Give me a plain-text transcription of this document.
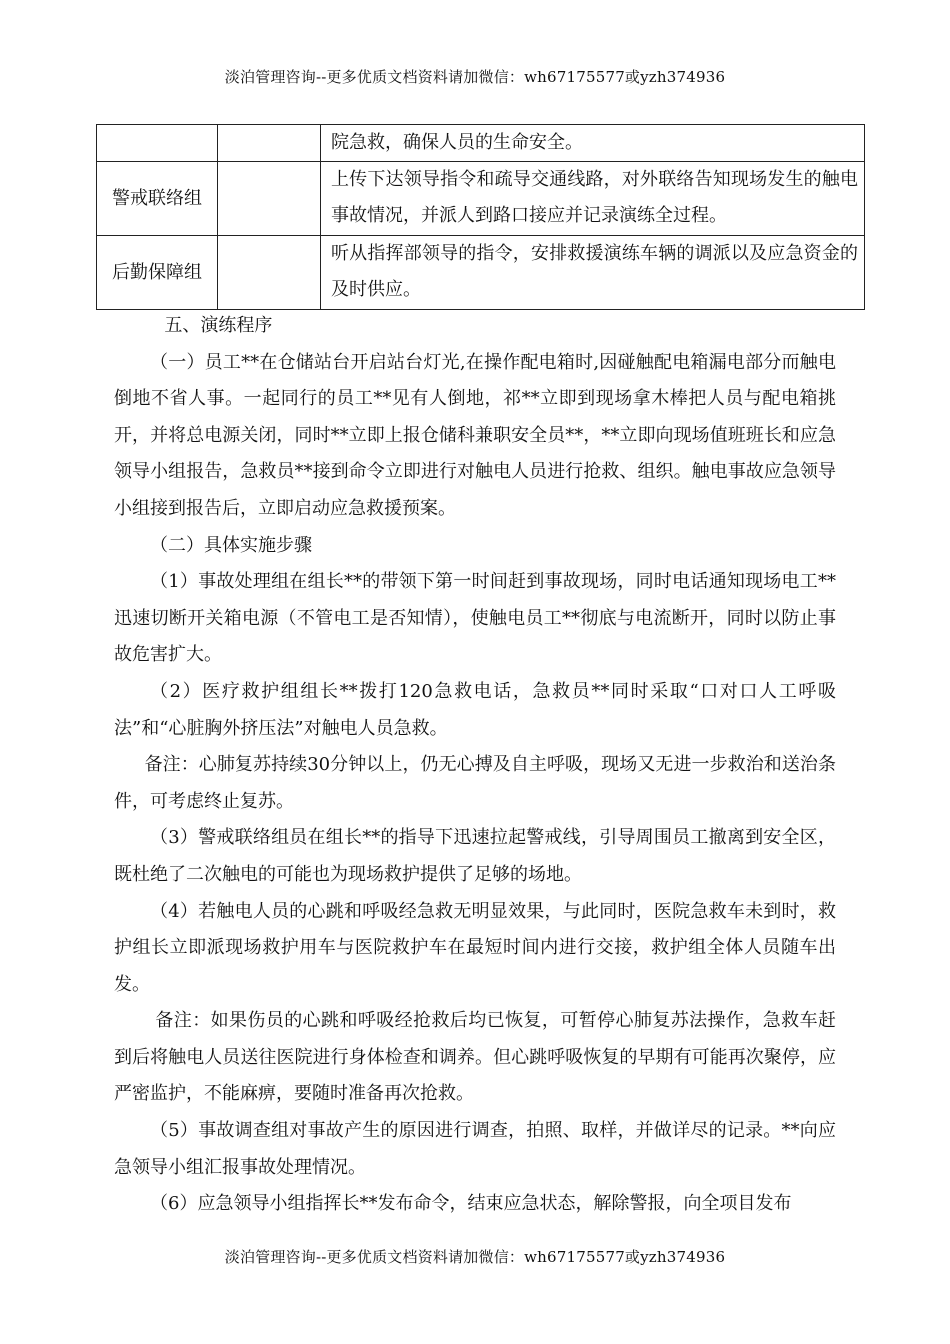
淡泊管理咨询--更多优质文档资料请加微信：wh67175577或yzh374936
		院急救，确保人员的生命安全。
警戒联络组		上传下达领导指令和疏导交通线路，对外联络告知现场发生的触电事故情况，并派人到路口接应并记录演练全过程。
后勤保障组		听从指挥部领导的指令，安排救援演练车辆的调派以及应急资金的及时供应。

五、演练程序

（一）员工**在仓储站台开启站台灯光,在操作配电箱时,因碰触配电箱漏电部分而触电倒地不省人事。一起同行的员工**见有人倒地，祁**立即到现场拿木棒把人员与配电箱挑开，并将总电源关闭，同时**立即上报仓储科兼职安全员**，**立即向现场值班班长和应急领导小组报告，急救员**接到命令立即进行对触电人员进行抢救、组织。触电事故应急领导小组接到报告后，立即启动应急救援预案。

（二）具体实施步骤

（1）事故处理组在组长**的带领下第一时间赶到事故现场，同时电话通知现场电工**迅速切断开关箱电源（不管电工是否知情），使触电员工**彻底与电流断开，同时以防止事故危害扩大。

（2）医疗救护组组长**拨打120急救电话，急救员**同时采取“口对口人工呼吸法”和“心脏胸外挤压法”对触电人员急救。

备注：心肺复苏持续30分钟以上，仍无心搏及自主呼吸，现场又无进一步救治和送治条件，可考虑终止复苏。

（3）警戒联络组员在组长**的指导下迅速拉起警戒线，引导周围员工撤离到安全区，既杜绝了二次触电的可能也为现场救护提供了足够的场地。

（4）若触电人员的心跳和呼吸经急救无明显效果，与此同时，医院急救车未到时，救护组长立即派现场救护用车与医院救护车在最短时间内进行交接，救护组全体人员随车出发。

备注：如果伤员的心跳和呼吸经抢救后均已恢复，可暂停心肺复苏法操作，急救车赶到后将触电人员送往医院进行身体检查和调养。但心跳呼吸恢复的早期有可能再次聚停，应严密监护，不能麻痹，要随时准备再次抢救。

（5）事故调查组对事故产生的原因进行调查，拍照、取样，并做详尽的记录。**向应急领导小组汇报事故处理情况。

（6）应急领导小组指挥长**发布命令，结束应急状态，解除警报，向全项目发布

淡泊管理咨询--更多优质文档资料请加微信：wh67175577或yzh374936
